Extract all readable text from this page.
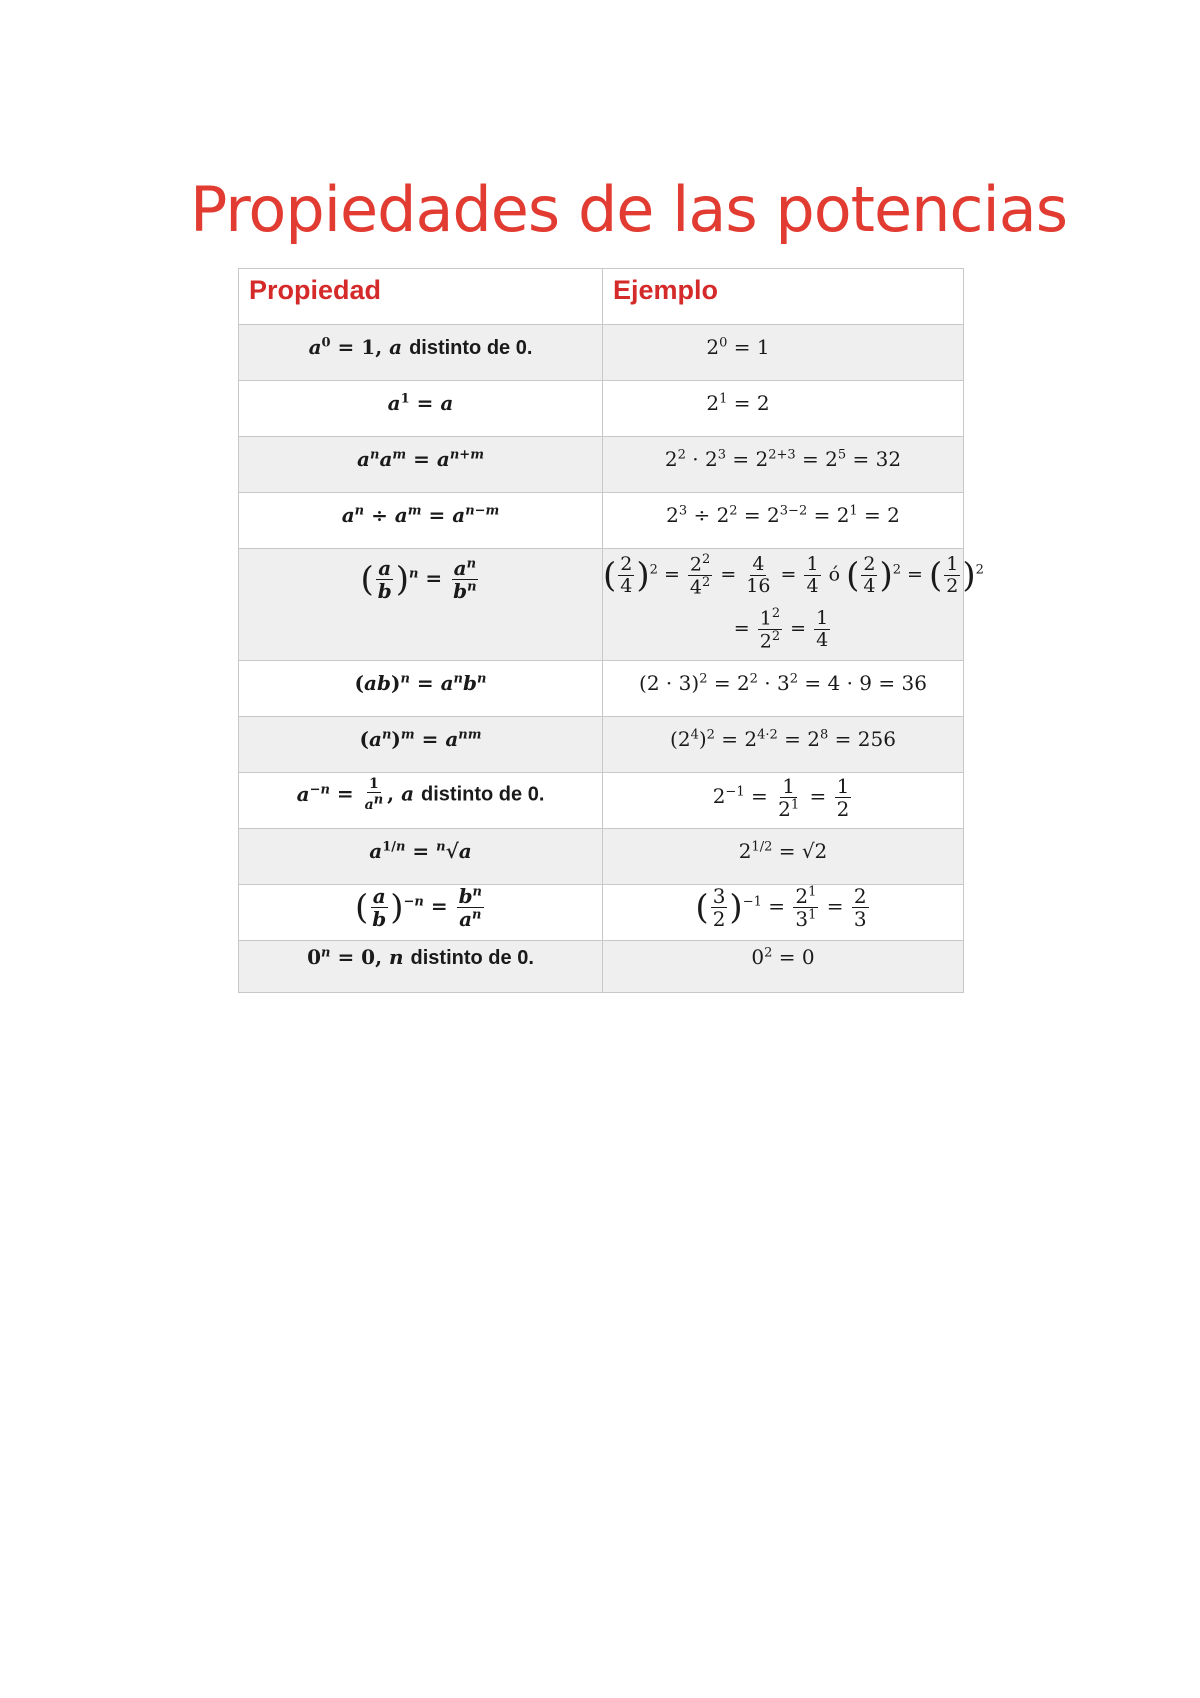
Propiedades de las potencias
Propiedad	Ejemplo
$a^0 = 1$, a distinto de 0.	$2^0 = 1$
$a^1 = a$	$2^1 = 2$
$a^na^m = a^{n+m}$	$2^2 \cdot 2^3 = 2^{2+3} = 2^5 = 32$
$a^n \div a^m = a^{n-m}$	$2^3 \div 2^2 = 2^{3-2} = 2^1 = 2$
( $\frac{a}{b} )^n = \frac{a^n}{b^n}$	( $\frac{2}{4} )^2 = \frac{2^2}{4^2} = \frac{4}{16} = \frac{1}{4}$ ó ( $\frac{2}{4} )^2$ = ( $\frac{1}{2} )^2$
= $\frac{1^2}{2^2} = \frac{1}{4}$
$(ab)^n = a^nb^n$	$(2 \cdot 3)^2 = 2^2 \cdot 3^2 = 4 \cdot 9 = 36$
$(a^n)^m = a^{nm}$	$(2^4)^2 = 2^{4\cdot 2} = 2^8 = 256$
$a^{-n} = \frac{1}{a^n}$ , a distinto de 0.	$2^{-1} = \frac{1}{2^1} = \frac{1}{2}$
$a^{1/n} = ^n√a$	$2^{1/2} = √2$
( $\frac{a}{b} )^{-n} = \frac{b^n}{a^n}$	( $\frac{3}{2} )^{-1} = \frac{2^1}{3^1} = \frac{2}{3}$
$0^n = 0$, n distinto de 0.	$0^2 = 0$
